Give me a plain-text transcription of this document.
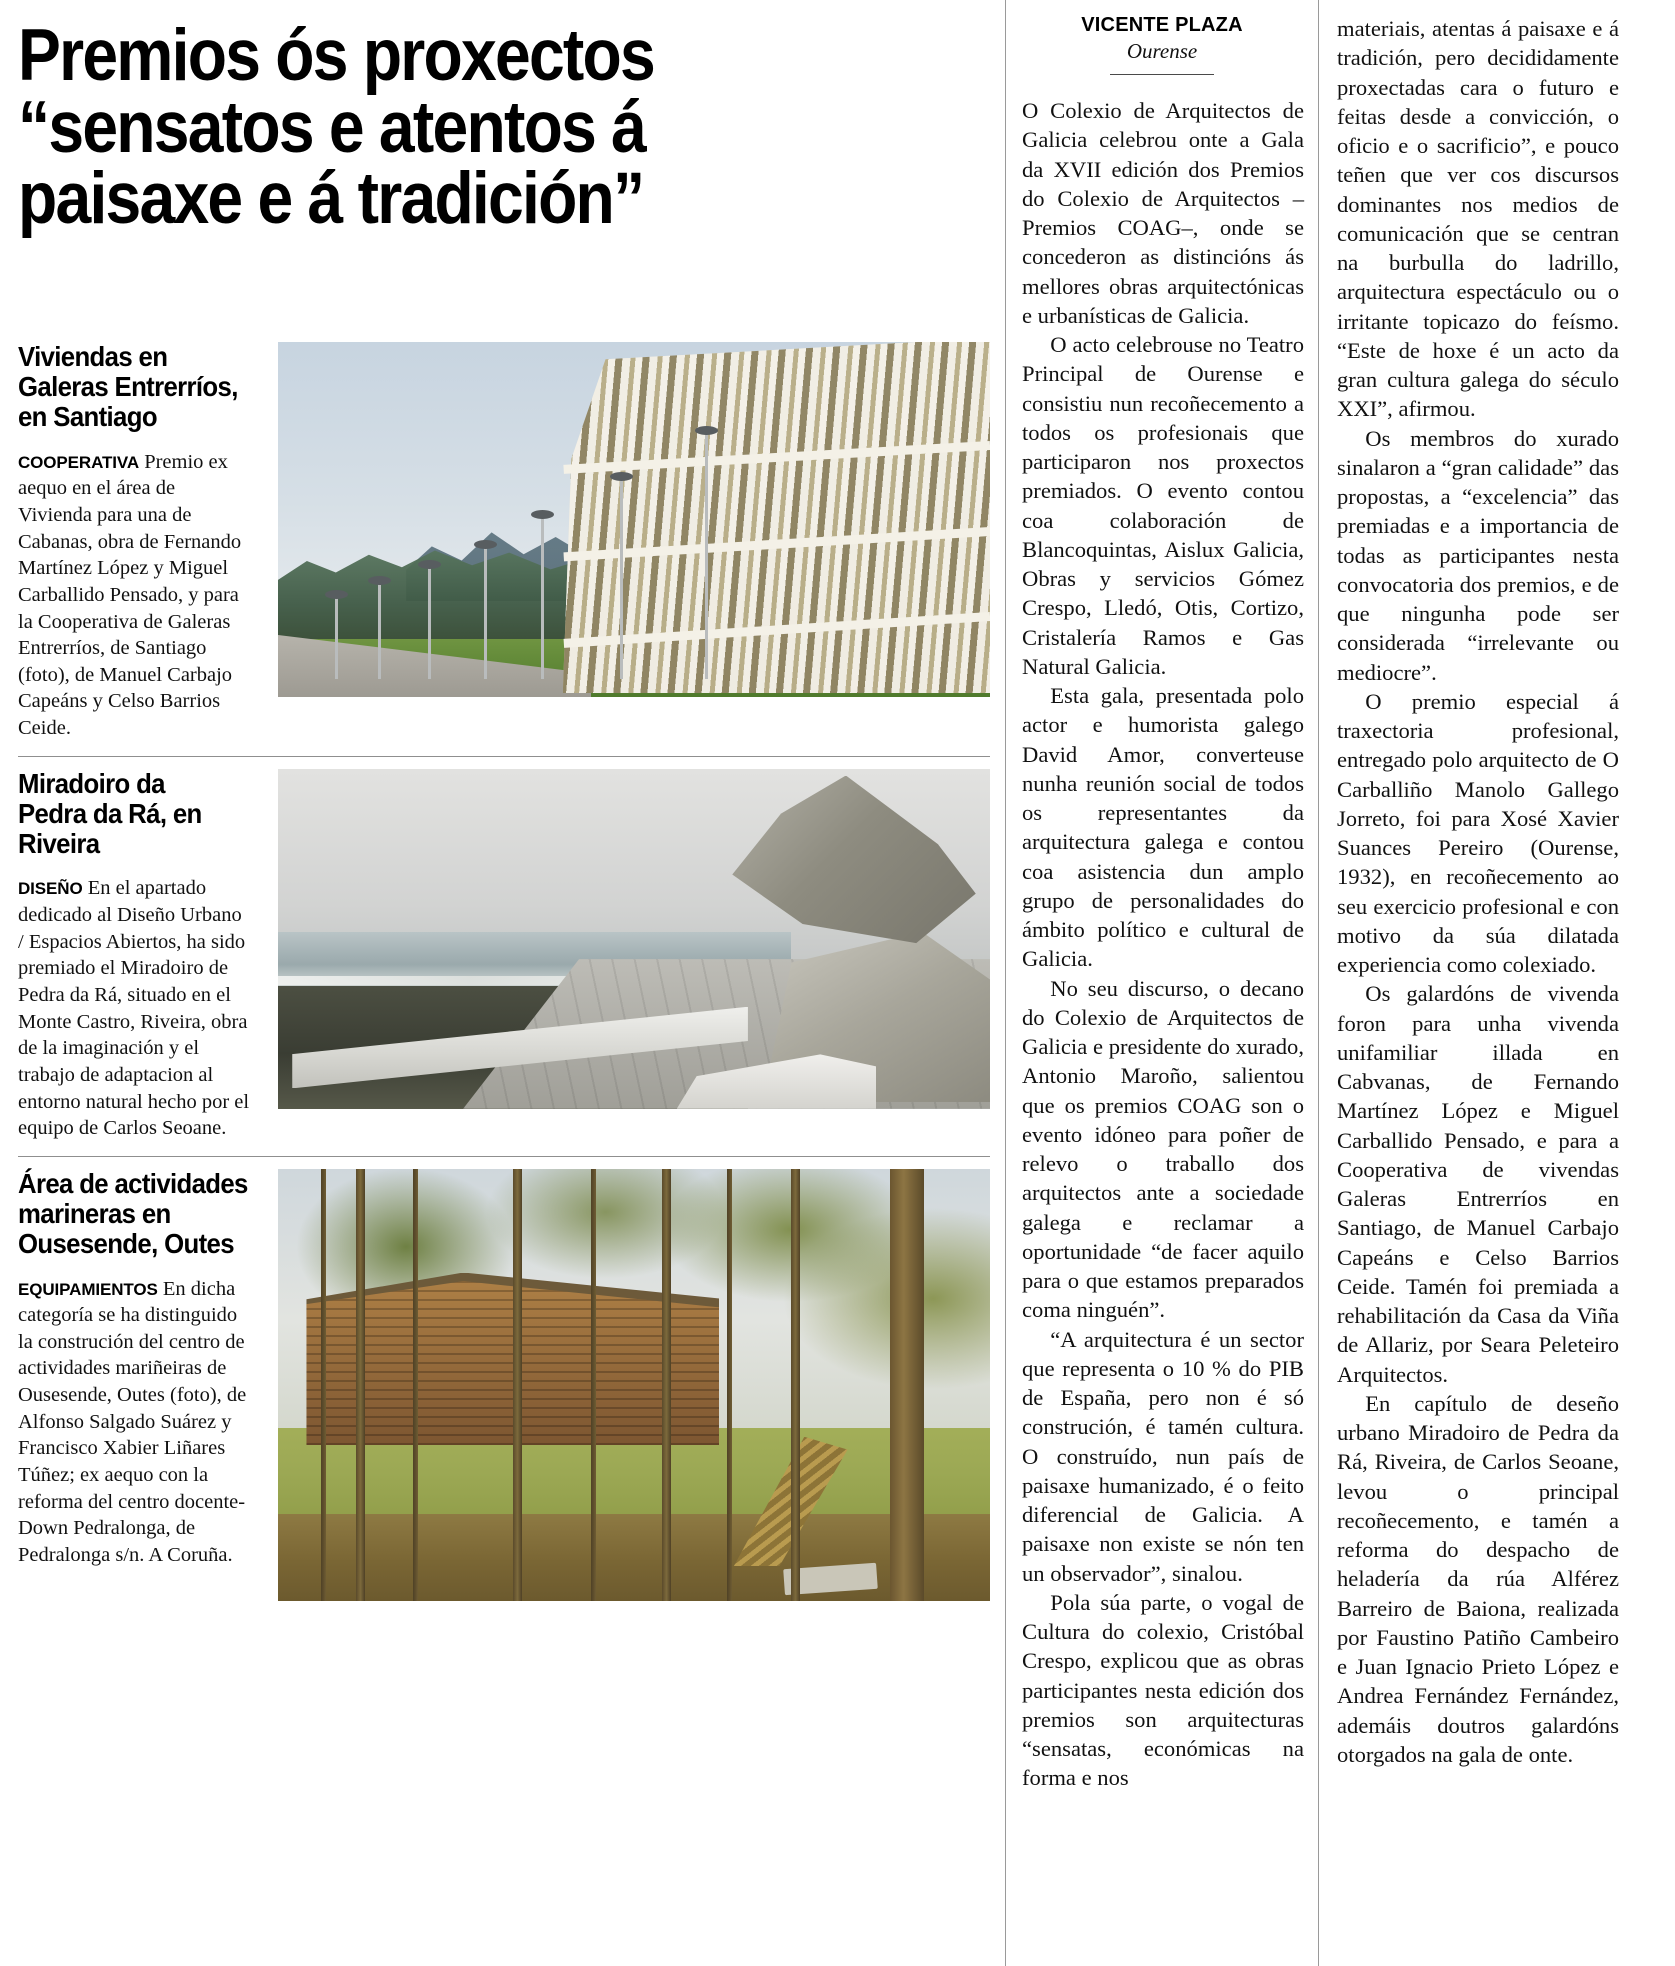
Premios ós proxectos
“sensatos e atentos á
paisaxe e á tradición”
Viviendas en
Galeras Entrerríos,
en Santiago

COOPERATIVA Premio ex aequo en el área de Vivienda para una de Cabanas, obra de Fernando Martínez López y Miguel Carballido Pensado, y para la Cooperativa de Galeras Entrerríos, de Santiago (foto), de Manuel Carbajo Capeáns y Celso Barrios Ceide.

Miradoiro da
Pedra da Rá, en
Riveira

DISEÑO En el apartado dedicado al Diseño Urbano / Espacios Abiertos, ha sido premiado el Miradoiro de Pedra da Rá, situado en el Monte Castro, Riveira, obra de la imaginación y el trabajo de adaptacion al entorno natural hecho por el equipo de Carlos Seoane.

Área de actividades
marineras en
Ousesende, Outes

EQUIPAMIENTOS En dicha categoría se ha distinguido la construción del centro de actividades mariñeiras de Ousesende, Outes (foto), de Alfonso Salgado Suárez y Francisco Xabier Liñares Túñez; ex aequo con la reforma del centro docente-Down Pedralonga, de Pedralonga s/n. A Coruña.

VICENTE PLAZA
Ourense

O Colexio de Arquitectos de Galicia celebrou onte a Gala da XVII edición dos Premios do Colexio de Arquitectos –Premios COAG–, onde se concederon as distincións ás mellores obras arquitectónicas e urbanísticas de Galicia.

O acto celebrouse no Teatro Principal de Ourense e consistiu nun recoñecemento a todos os profesionais que participaron nos proxectos premiados. O evento contou coa colaboración de Blancoquintas, Aislux Galicia, Obras y servicios Gómez Crespo, Lledó, Otis, Cortizo, Cristalería Ramos e Gas Natural Galicia.

Esta gala, presentada polo actor e humorista galego David Amor, converteuse nunha reunión social de todos os representantes da arquitectura galega e contou coa asistencia dun amplo grupo de personalidades do ámbito político e cultural de Galicia.

No seu discurso, o decano do Colexio de Arquitectos de Galicia e presidente do xurado, Antonio Maroño, salientou que os premios COAG son o evento idóneo para poñer de relevo o traballo dos arquitectos ante a sociedade galega e reclamar a oportunidade “de facer aquilo para o que estamos preparados coma ninguén”.

“A arquitectura é un sector que representa o 10 % do PIB de España, pero non é só construción, é tamén cultura. O construído, nun país de paisaxe humanizado, é o feito diferencial de Galicia. A paisaxe non existe se nón ten un observador”, sinalou.

Pola súa parte, o vogal de Cultura do colexio, Cristóbal Crespo, explicou que as obras participantes nesta edición dos premios son arquitecturas “sensatas, económicas na forma e nos

materiais, atentas á paisaxe e á tradición, pero decididamente proxectadas cara o futuro e feitas desde a convicción, o oficio e o sacrificio”, e pouco teñen que ver cos discursos dominantes nos medios de comunicación que se centran na burbulla do ladrillo, arquitectura espectáculo ou o irritante topicazo do feísmo. “Este de hoxe é un acto da gran cultura galega do século XXI”, afirmou.

Os membros do xurado sinalaron a “gran calidade” das propostas, a “excelencia” das premiadas e a importancia de todas as participantes nesta convocatoria dos premios, e de que ningunha pode ser considerada “irrelevante ou mediocre”.

O premio especial á traxectoria profesional, entregado polo arquitecto de O Carballiño Manolo Gallego Jorreto, foi para Xosé Xavier Suances Pereiro (Ourense, 1932), en recoñecemento ao seu exercicio profesional e con motivo da súa dilatada experiencia como colexiado.

Os galardóns de vivenda foron para unha vivenda unifamiliar illada en Cabvanas, de Fernando Martínez López e Miguel Carballido Pensado, e para a Cooperativa de vivendas Galeras Entrerríos en Santiago, de Manuel Carbajo Capeáns e Celso Barrios Ceide. Tamén foi premiada a rehabilitación da Casa da Viña de Allariz, por Seara Peleteiro Arquitectos.

En capítulo de deseño urbano Miradoiro de Pedra da Rá, Riveira, de Carlos Seoane, levou o principal recoñecemento, e tamén a reforma do despacho de heladería da rúa Alférez Barreiro de Baiona, realizada por Faustino Patiño Cambeiro e Juan Ignacio Prieto López e Andrea Fernández Fernández, ademáis doutros galardóns otorgados na gala de onte.
